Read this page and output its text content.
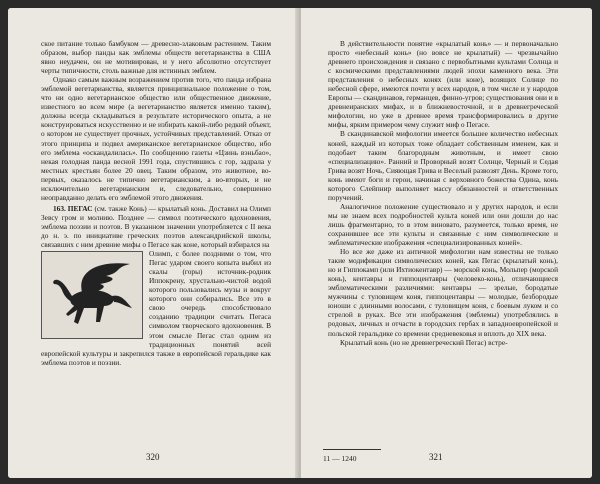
ское питание только бамбуком — древесно-злаковым растением. Таким образом, выбор панды как эмблемы обществ вегетарианства в США явно неудачен, он не мотивирован, и у него абсолютно отсутствует черты типичности, столь важные для истинных эмблем.

Однако самым важным возражением против того, что панда избрана эмблемой вегетарианства, является принципиальное положение о том, что ни одно вегетарианское общество или общественное движение, известного во всем мире (а вегетарианство является именно таким), должны всегда складываться в результате исторического опыта, а не конструироваться искусственно и не избирать какой-либо редкий объект, о котором не существует прочных, устойчивых представлений. Отказ от этого принципа и подвел американское вегетарианское общество, ибо его эмблема «оскандалилась». По сообщению газеты «Цзинь вэньбао», некая голодная панда весной 1991 года, спустившись с гор, задрала у местных крестьян более 20 овец. Таким образом, это животное, во-первых, оказалось не типично вегетарианским, а во-вторых, и не исключительно вегетарианским и, следовательно, совершенно неоправданно делать его эмблемой этого движения.

163. ПЕГАС (см. также Конь) — крылатый конь. Доставил на Олимп Зевсу гром и молнию. Позднее — символ поэтического вдохновения, эмблема поэзии и поэтов. В указанном значении употребляется с II века до н. э. по инициативе греческих поэтов александрийской школы, связавших с ним древние мифы о Пегасе как коне, который взбирался на

Олимп, с более поздними о том, что Пегас ударом своего копыта выбил из скалы (горы) источник-родник Иппокрену, хрустально-чистой водой которого пользовались музы и вокруг которого они собирались. Все это в свою очередь способствовало созданию традиции считать Пегаса символом творческого вдохновения. В этом смысле Пегас стал одним из традиционных понятий всей европейской культуры и закрепился также в европейской геральдике как эмблема поэтов и поэзии.

320

В действительности понятие «крылатый конь» — и первоначально просто «небесный конь» (но вовсе не крылатый) — чрезвычайно древнего происхождения и связано с первобытными культами Солнца и с космическими представлениями людей эпохи каменного века. Эти представления о небесных конях (или коне), возящих Солнце по небесной сфере, имеются почти у всех народов, в том числе и у народов Европы — скандинавов, германцев, финно-угров; существования они и в древнеиранских мифах, и в ближневосточной, и в древнегреческой мифологии, но уже в древнее время трансформировались в другие мифы, ярким примером чему служит миф о Пегасе.

В скандинавской мифологии имеется большее количество небесных коней, каждый из которых тоже обладает собственным именем, как и подобает таким благородным животным, и имеет свою «специализацию». Ранний и Проворный возят Солнце, Черный и Седая Грива возят Ночь, Сияющая Грива и Веселый развозят День. Кроме того, конь имеют боги и герои, начиная с верховного божества Одина, конь которого Слейпнир выполняет массу обязанностей и ответственных поручений.

Аналогичное положение существовало и у других народов, и если мы не знаем всех подробностей культа коней или они дошли до нас лишь фрагментарно, то в этом виновато, разумеется, только время, не сохранившее все эти культы и связанные с ним символические и эмблематические изображения «специализированных коней».

Но все же даже из античной мифологии нам известны не только такие модификации символических коней, как Пегас (крылатый конь), но и Гиппокамп (или Ихтиокентавр) — морской конь, Мольпер (морской конь), кентавры и гиппоцентавры (человеко-конь), отличающиеся эмблематическими различиями: кентавры — зрелые, бородатые мужчины с туловищем коня, гиппоцентавры — молодые, безбородые юноши с длинными волосами, с туловищем коня, с боевым луком и со стрелой в руках. Все эти изображения (эмблемы) употреблялись в родовых, личных и отчасти в городских гербах в западноевропейской и польской геральдике со времени средневековья и вплоть до XIX века.

Крылатый конь (но не древнегреческий Пегас) встре-

11 — 1240	321
